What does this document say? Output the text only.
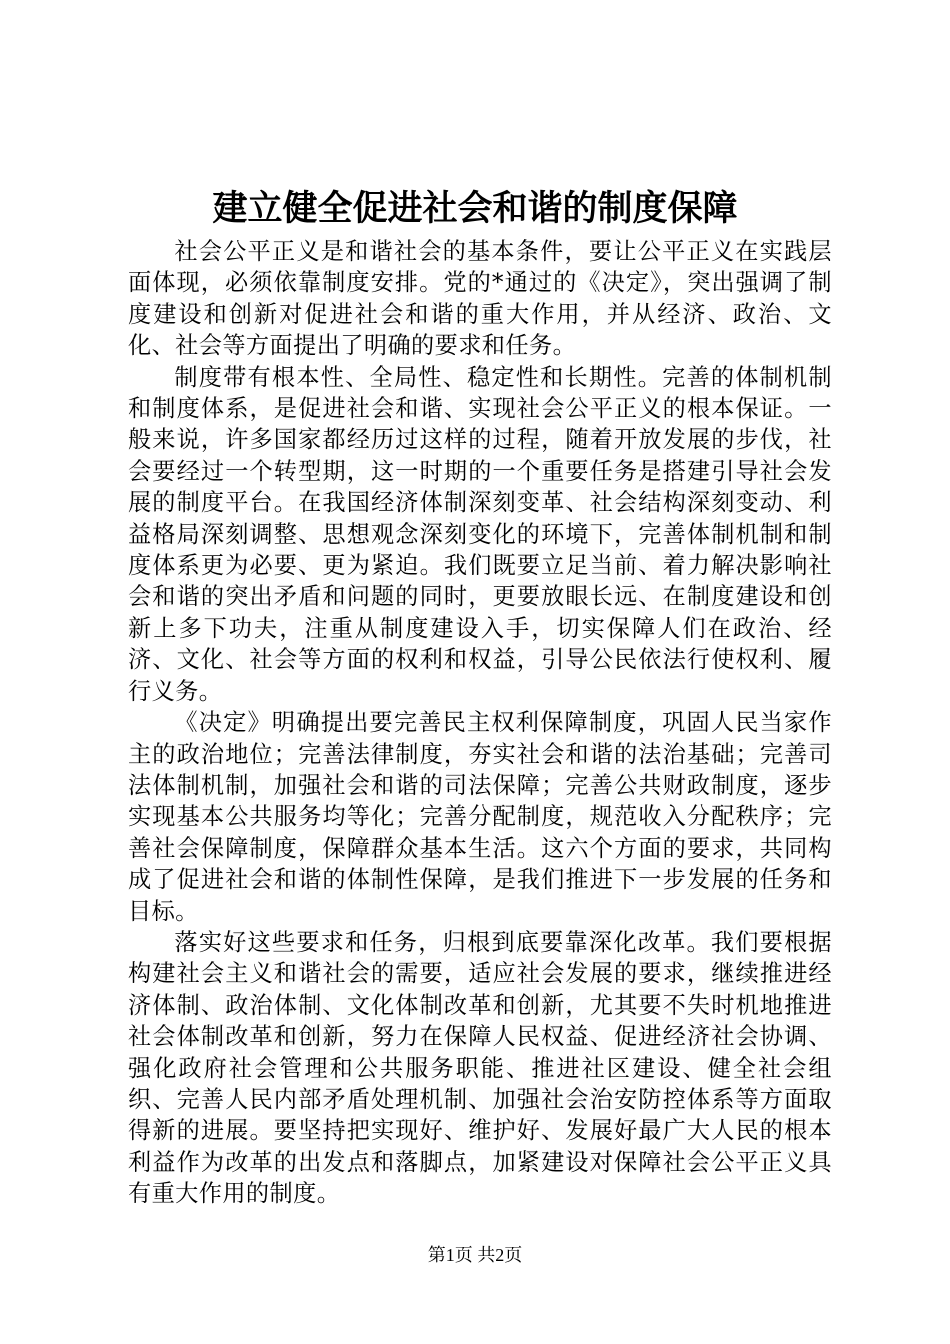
建立健全促进社会和谐的制度保障

社会公平正义是和谐社会的基本条件，要让公平正义在实践层面体现，必须依靠制度安排。党的*通过的《决定》，突出强调了制度建设和创新对促进社会和谐的重大作用，并从经济、政治、文化、社会等方面提出了明确的要求和任务。

制度带有根本性、全局性、稳定性和长期性。完善的体制机制和制度体系，是促进社会和谐、实现社会公平正义的根本保证。一般来说，许多国家都经历过这样的过程，随着开放发展的步伐，社会要经过一个转型期，这一时期的一个重要任务是搭建引导社会发展的制度平台。在我国经济体制深刻变革、社会结构深刻变动、利益格局深刻调整、思想观念深刻变化的环境下，完善体制机制和制度体系更为必要、更为紧迫。我们既要立足当前、着力解决影响社会和谐的突出矛盾和问题的同时，更要放眼长远、在制度建设和创新上多下功夫，注重从制度建设入手，切实保障人们在政治、经济、文化、社会等方面的权利和权益，引导公民依法行使权利、履行义务。

《决定》明确提出要完善民主权利保障制度，巩固人民当家作主的政治地位；完善法律制度，夯实社会和谐的法治基础；完善司法体制机制，加强社会和谐的司法保障；完善公共财政制度，逐步实现基本公共服务均等化；完善分配制度，规范收入分配秩序；完善社会保障制度，保障群众基本生活。这六个方面的要求，共同构成了促进社会和谐的体制性保障，是我们推进下一步发展的任务和目标。

落实好这些要求和任务，归根到底要靠深化改革。我们要根据构建社会主义和谐社会的需要，适应社会发展的要求，继续推进经济体制、政治体制、文化体制改革和创新，尤其要不失时机地推进社会体制改革和创新，努力在保障人民权益、促进经济社会协调、强化政府社会管理和公共服务职能、推进社区建设、健全社会组织、完善人民内部矛盾处理机制、加强社会治安防控体系等方面取得新的进展。要坚持把实现好、维护好、发展好最广大人民的根本利益作为改革的出发点和落脚点，加紧建设对保障社会公平正义具有重大作用的制度。

第1页 共2页
